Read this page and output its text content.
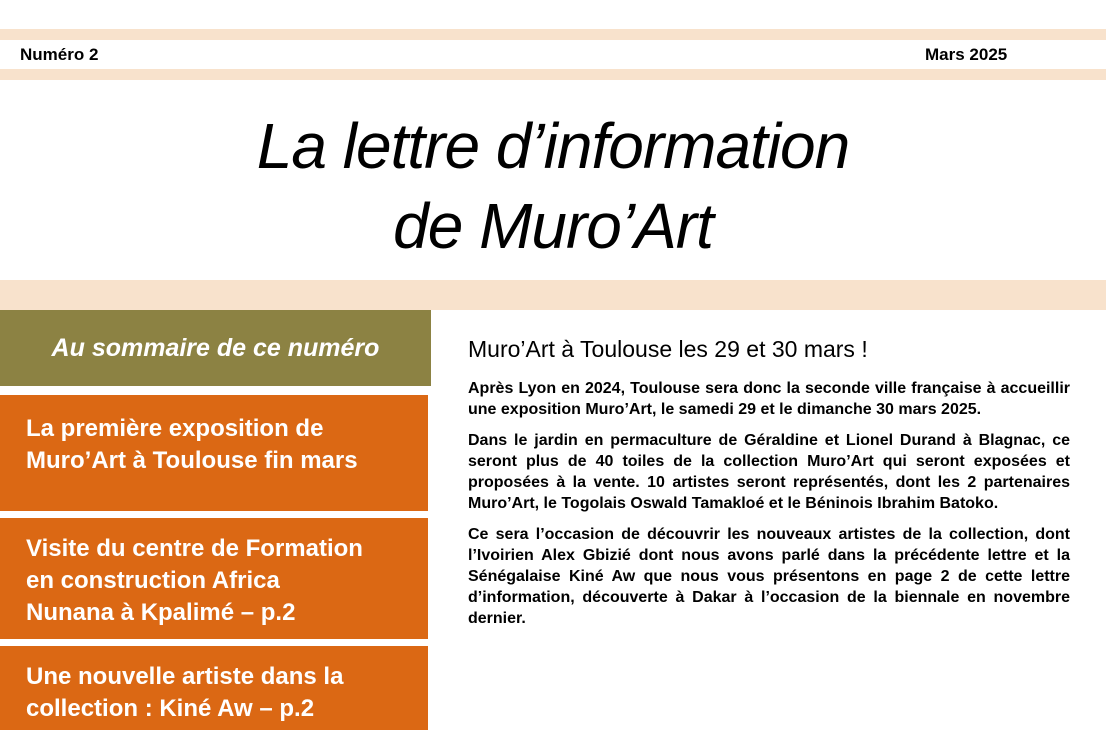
Numéro 2	Mars 2025
La lettre d’information
de Muro’Art
Au sommaire de ce numéro
La première exposition de
Muro’Art à Toulouse fin mars
Visite du centre de Formation
en construction Africa
Nunana à Kpalimé – p.2
Une nouvelle artiste dans la
collection : Kiné Aw – p.2
Muro’Art à Toulouse les 29 et 30 mars !

Après Lyon en 2024, Toulouse sera donc la seconde ville française à accueillir une exposition Muro’Art, le samedi 29 et le dimanche 30 mars 2025.

Dans le jardin en permaculture de Géraldine et Lionel Durand à Blagnac, ce seront plus de 40 toiles de la collection Muro’Art qui seront exposées et proposées à la vente. 10 artistes seront représentés, dont les 2 partenaires Muro’Art, le Togolais Oswald Tamakloé et le Béninois Ibrahim Batoko.

Ce sera l’occasion de découvrir les nouveaux artistes de la collection, dont l’Ivoirien Alex Gbizié dont nous avons parlé dans la précédente lettre et la Sénégalaise Kiné Aw que nous vous présentons en page 2 de cette lettre d’information, découverte à Dakar à l’occasion de la biennale en novembre dernier.
